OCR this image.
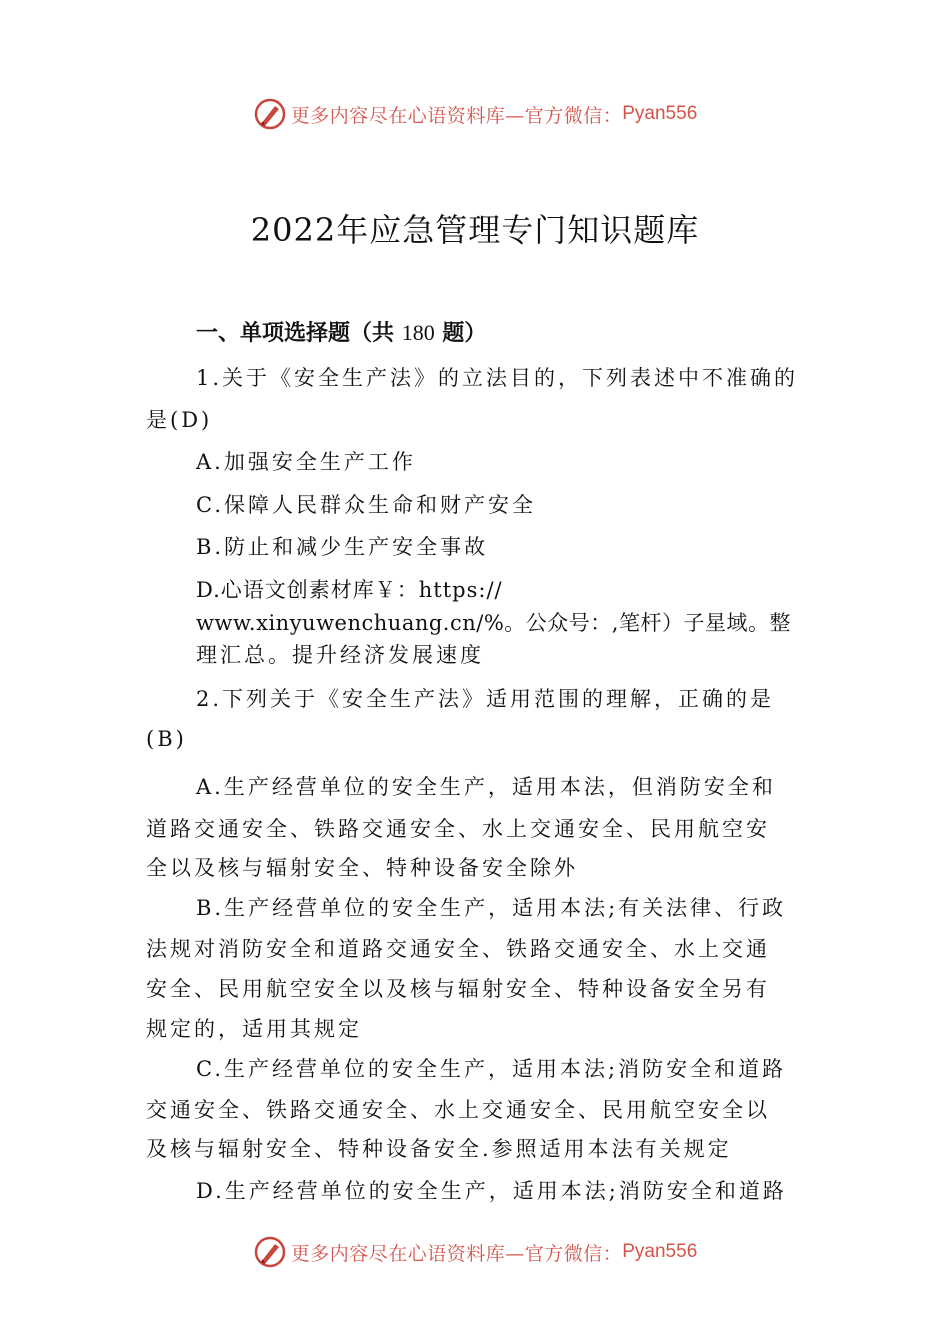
更多内容尽在心语资料库—官方微信： Pyan556
2022年应急管理专门知识题库
一、单项选择题（共 180 题）
1.关于《安全生产法》的立法目的，下列表述中不准确的
是(D)
A.加强安全生产工作
C.保障人民群众生命和财产安全
B.防止和减少生产安全事故
D.心语文创素材库￥：https://
www.xinyuwenchuang.cn/%。公众号：,笔杆）子星域。整
理汇总。提升经济发展速度
2.下列关于《安全生产法》适用范围的理解，正确的是
(B)
A.生产经营单位的安全生产，适用本法，但消防安全和
道路交通安全、铁路交通安全、水上交通安全、民用航空安
全以及核与辐射安全、特种设备安全除外
B.生产经营单位的安全生产，适用本法;有关法律、行政
法规对消防安全和道路交通安全、铁路交通安全、水上交通
安全、民用航空安全以及核与辐射安全、特种设备安全另有
规定的，适用其规定
C.生产经营单位的安全生产，适用本法;消防安全和道路
交通安全、铁路交通安全、水上交通安全、民用航空安全以
及核与辐射安全、特种设备安全.参照适用本法有关规定
D.生产经营单位的安全生产，适用本法;消防安全和道路
更多内容尽在心语资料库—官方微信： Pyan556
